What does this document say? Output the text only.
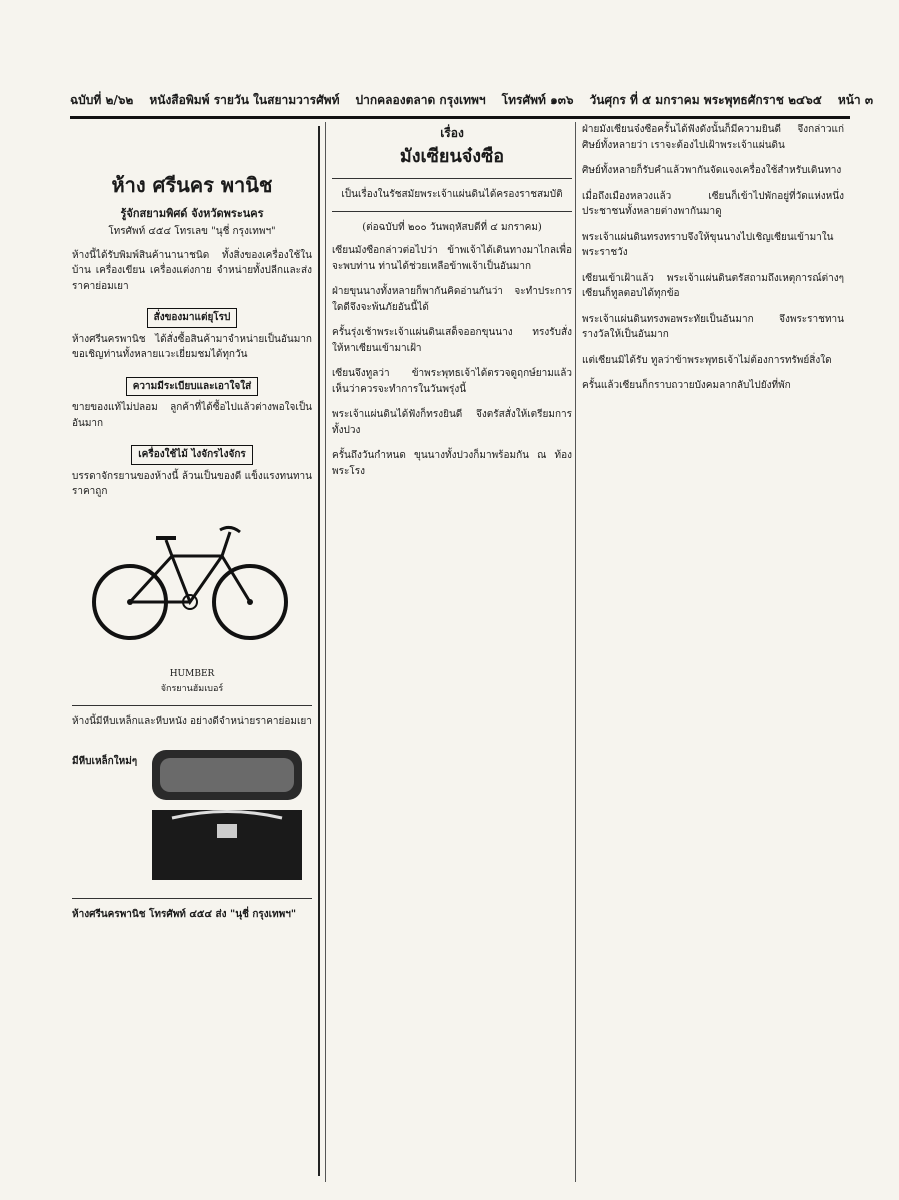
ฉบับที่ ๒/๖๒ หนังสือพิมพ์ รายวัน ในสยามวารศัพท์ ปากคลองตลาด กรุงเทพฯ โทรศัพท์ ๑๓๖ วันศุกร ที่ ๕ มกราคม พระพุทธศักราช ๒๔๖๕ หน้า ๓
ห้าง ศรีนคร พานิช
รู้จักสยามพิศด์ จังหวัดพระนคร
โทรศัพท์ ๔๕๔ โทรเลข "นุชี่ กรุงเทพฯ"

ห้างนี้ได้รับพิมพ์สินค้านานาชนิด ทั้งสิ่งของเครื่องใช้ในบ้าน เครื่องเขียน เครื่องแต่งกาย จำหน่ายทั้งปลีกและส่ง ราคาย่อมเยา

สั่งของมาแต่ยุโรป

ห้างศรีนครพานิช ได้สั่งซื้อสินค้ามาจำหน่ายเป็นอันมาก ขอเชิญท่านทั้งหลายแวะเยี่ยมชมได้ทุกวัน

ความมีระเบียบและเอาใจใส่

ขายของแท้ไม่ปลอม ลูกค้าที่ได้ซื้อไปแล้วต่างพอใจเป็นอันมาก

เครื่องใช้ไม้ ไงจักรไงจักร

บรรดาจักรยานของห้างนี้ ล้วนเป็นของดี แข็งแรงทนทาน ราคาถูก

HUMBER
จักรยานฮัมเบอร์

ห้างนี้มีหีบเหล็กและหีบหนัง อย่างดีจำหน่ายราคาย่อมเยา

มีหีบเหล็กใหม่ๆ

ห้างศรีนครพานิช โทรศัพท์ ๔๕๔ ส่ง "นุชี่ กรุงเทพฯ"

เรื่อง
มังเซียนจ๋งซือ
เป็นเรื่องในรัชสมัยพระเจ้าแผ่นดินได้ครองราชสมบัติ
(ต่อฉบับที่ ๒๐๐ วันพฤหัสบดีที่ ๔ มกราคม)

เซียนมังซือกล่าวต่อไปว่า ข้าพเจ้าได้เดินทางมาไกลเพื่อจะพบท่าน ท่านได้ช่วยเหลือข้าพเจ้าเป็นอันมาก

ฝ่ายขุนนางทั้งหลายก็พากันคิดอ่านกันว่า จะทำประการใดดีจึงจะพ้นภัยอันนี้ได้

ครั้นรุ่งเช้าพระเจ้าแผ่นดินเสด็จออกขุนนาง ทรงรับสั่งให้หาเซียนเข้ามาเฝ้า

เซียนจึงทูลว่า ข้าพระพุทธเจ้าได้ตรวจดูฤกษ์ยามแล้ว เห็นว่าควรจะทำการในวันพรุ่งนี้

พระเจ้าแผ่นดินได้ฟังก็ทรงยินดี จึงตรัสสั่งให้เตรียมการทั้งปวง

ครั้นถึงวันกำหนด ขุนนางทั้งปวงก็มาพร้อมกัน ณ ท้องพระโรง

ฝ่ายมังเซียนจ๋งซือครั้นได้ฟังดังนั้นก็มีความยินดี จึงกล่าวแก่ศิษย์ทั้งหลายว่า เราจะต้องไปเฝ้าพระเจ้าแผ่นดิน

ศิษย์ทั้งหลายก็รับคำแล้วพากันจัดแจงเครื่องใช้สำหรับเดินทาง

เมื่อถึงเมืองหลวงแล้ว เซียนก็เข้าไปพักอยู่ที่วัดแห่งหนึ่ง ประชาชนทั้งหลายต่างพากันมาดู

พระเจ้าแผ่นดินทรงทราบจึงให้ขุนนางไปเชิญเซียนเข้ามาในพระราชวัง

เซียนเข้าเฝ้าแล้ว พระเจ้าแผ่นดินตรัสถามถึงเหตุการณ์ต่างๆ เซียนก็ทูลตอบได้ทุกข้อ

พระเจ้าแผ่นดินทรงพอพระทัยเป็นอันมาก จึงพระราชทานรางวัลให้เป็นอันมาก

แต่เซียนมิได้รับ ทูลว่าข้าพระพุทธเจ้าไม่ต้องการทรัพย์สิ่งใด

ครั้นแล้วเซียนก็กราบถวายบังคมลากลับไปยังที่พัก
